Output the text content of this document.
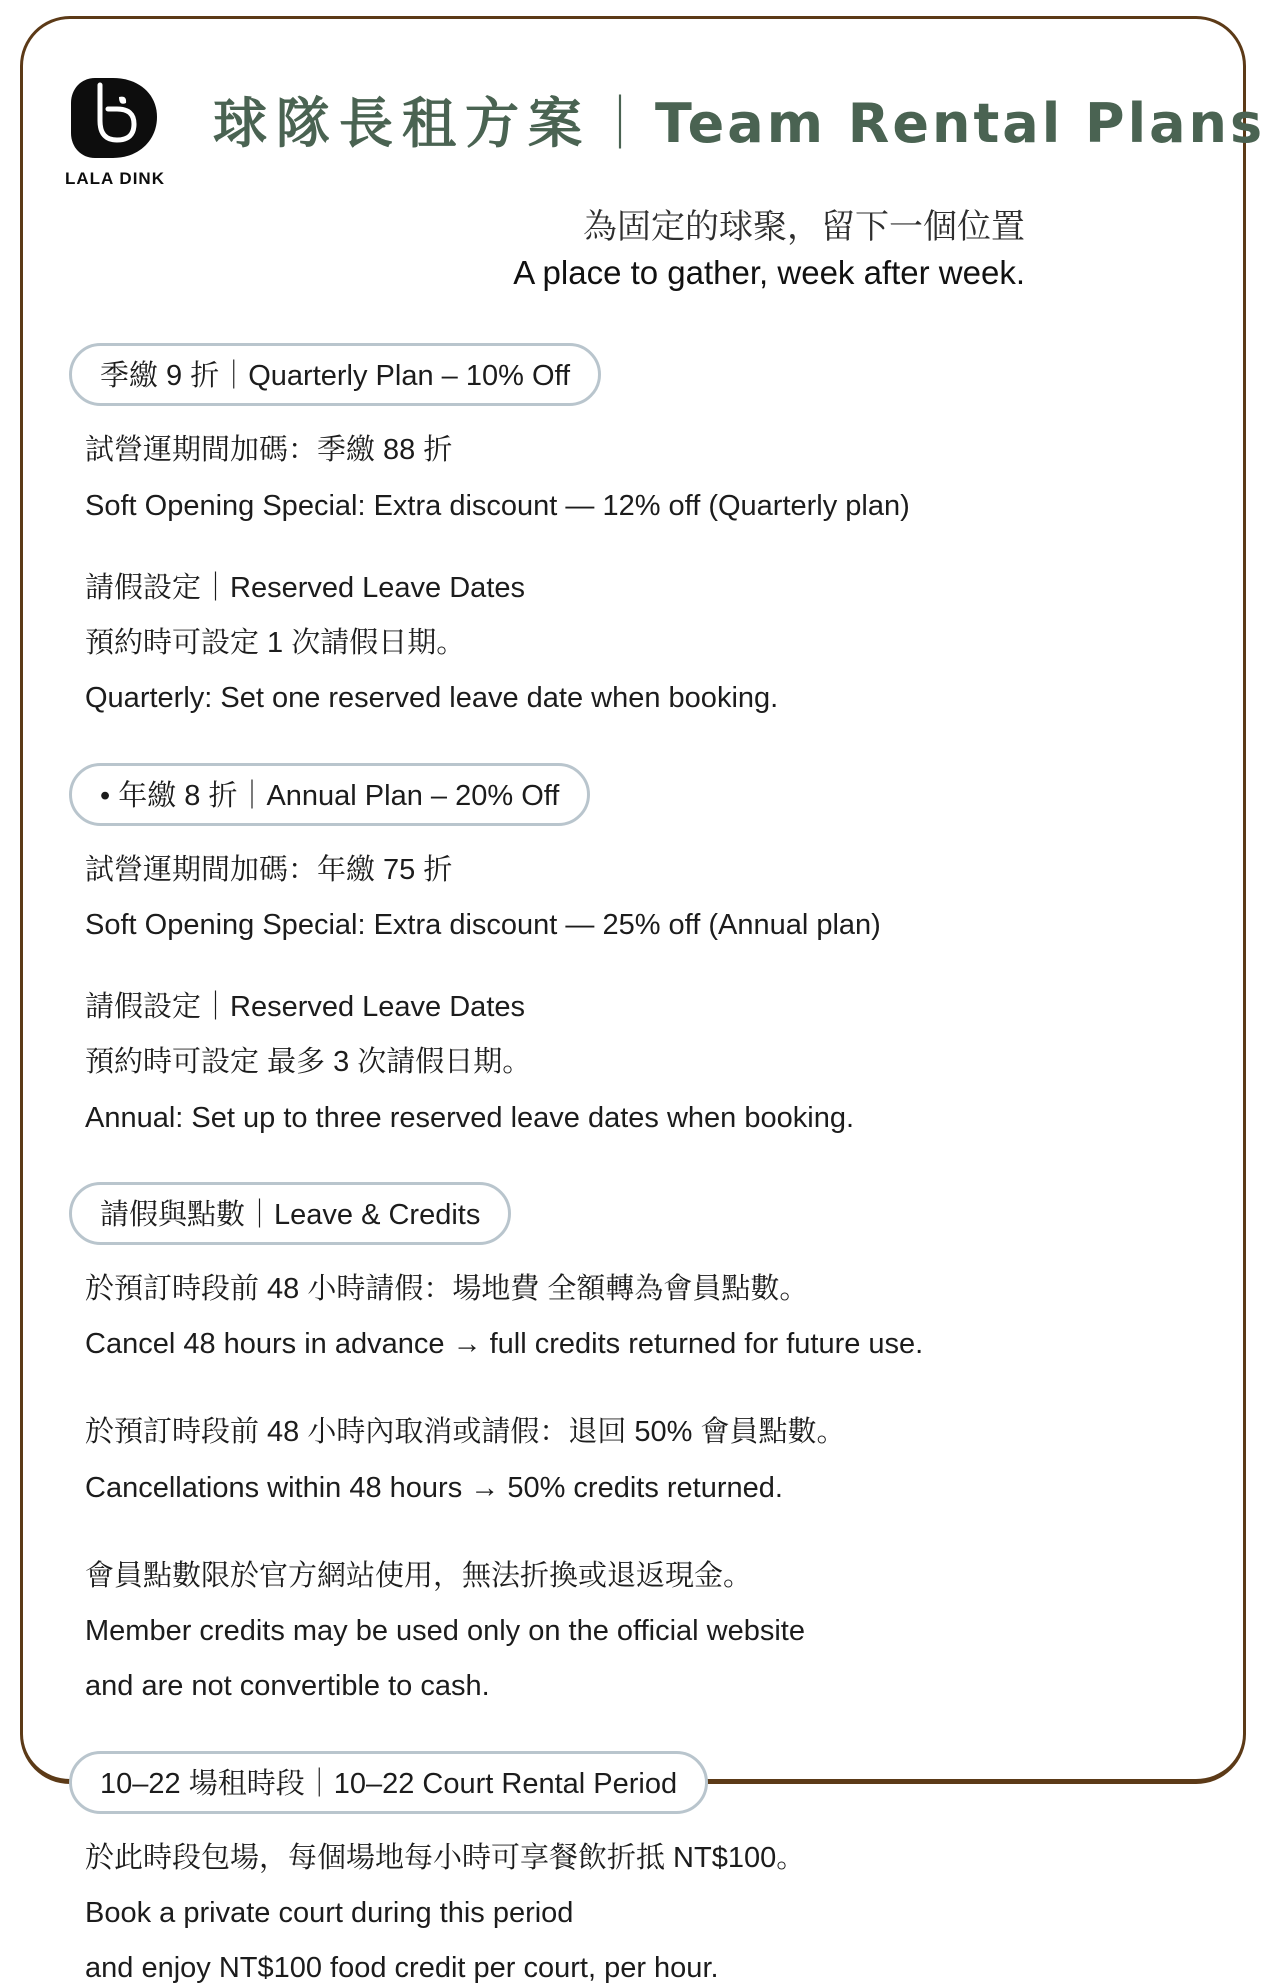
LALA DINK
球隊長租方案｜ Team Rental Plans
為固定的球聚，留下一個位置
A place to gather, week after week.
季繳 9 折｜Quarterly Plan – 10% Off

試營運期間加碼：季繳 88 折

Soft Opening Special: Extra discount — 12% off (Quarterly plan)

請假設定｜Reserved Leave Dates

預約時可設定 1 次請假日期。

Quarterly: Set one reserved leave date when booking.

• 年繳 8 折｜Annual Plan – 20% Off

試營運期間加碼：年繳 75 折

Soft Opening Special: Extra discount — 25% off (Annual plan)

請假設定｜Reserved Leave Dates

預約時可設定 最多 3 次請假日期。

Annual: Set up to three reserved leave dates when booking.

請假與點數｜Leave & Credits

於預訂時段前 48 小時請假：場地費 全額轉為會員點數。

Cancel 48 hours in advance → full credits returned for future use.

於預訂時段前 48 小時內取消或請假：退回 50% 會員點數。

Cancellations within 48 hours → 50% credits returned.

會員點數限於官方網站使用，無法折換或退返現金。

Member credits may be used only on the official website

and are not convertible to cash.

10–22 場租時段｜10–22 Court Rental Period

於此時段包場，每個場地每小時可享餐飲折抵 NT$100。

Book a private court during this period

and enjoy NT$100 food credit per court, per hour.
